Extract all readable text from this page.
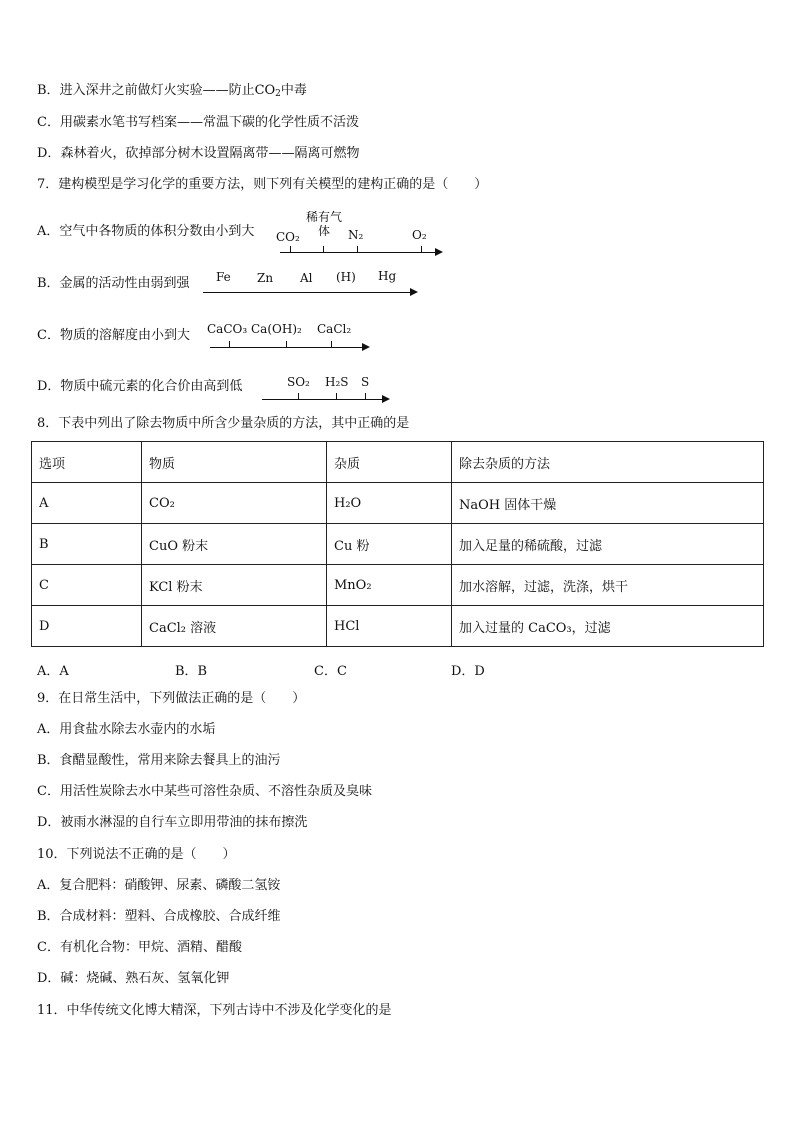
B．进入深井之前做灯火实验——防止$CO_2$中毒
C．用碳素水笔书写档案——常温下碳的化学性质不活泼
D．森林着火，砍掉部分树木设置隔离带——隔离可燃物
7．建构模型是学习化学的重要方法，则下列有关模型的建构正确的是（　　）
A．空气中各物质的体积分数由小到大 CO₂
稀有气体	N₂	O₂
B．金属的活动性由弱到强 Fe Zn Al (H) Hg
C．物质的溶解度由小到大 CaCO₃ Ca(OH)₂ CaCl₂
D．物质中硫元素的化合价由高到低	SO₂ H₂S S
8．下表中列出了除去物质中所含少量杂质的方法，其中正确的是
选项	物质	杂质	除去杂质的方法
A	CO₂	H₂O	NaOH 固体干燥
B	CuO 粉末	Cu 粉	加入足量的稀硫酸，过滤
C	KCl 粉末	MnO₂	加水溶解，过滤，洗涤，烘干
D	CaCl₂ 溶液	HCl	加入过量的 CaCO₃，过滤
A．A	B．B	C．C	D．D
9．在日常生活中，下列做法正确的是（　　）
A．用食盐水除去水壶内的水垢
B．食醋显酸性，常用来除去餐具上的油污
C．用活性炭除去水中某些可溶性杂质、不溶性杂质及臭味
D．被雨水淋湿的自行车立即用带油的抹布擦洗
10．下列说法不正确的是（　　）
A．复合肥料：硝酸钾、尿素、磷酸二氢铵
B．合成材料：塑料、合成橡胶、合成纤维
C．有机化合物：甲烷、酒精、醋酸
D．碱：烧碱、熟石灰、氢氧化钾
11．中华传统文化博大精深，下列古诗中不涉及化学变化的是
